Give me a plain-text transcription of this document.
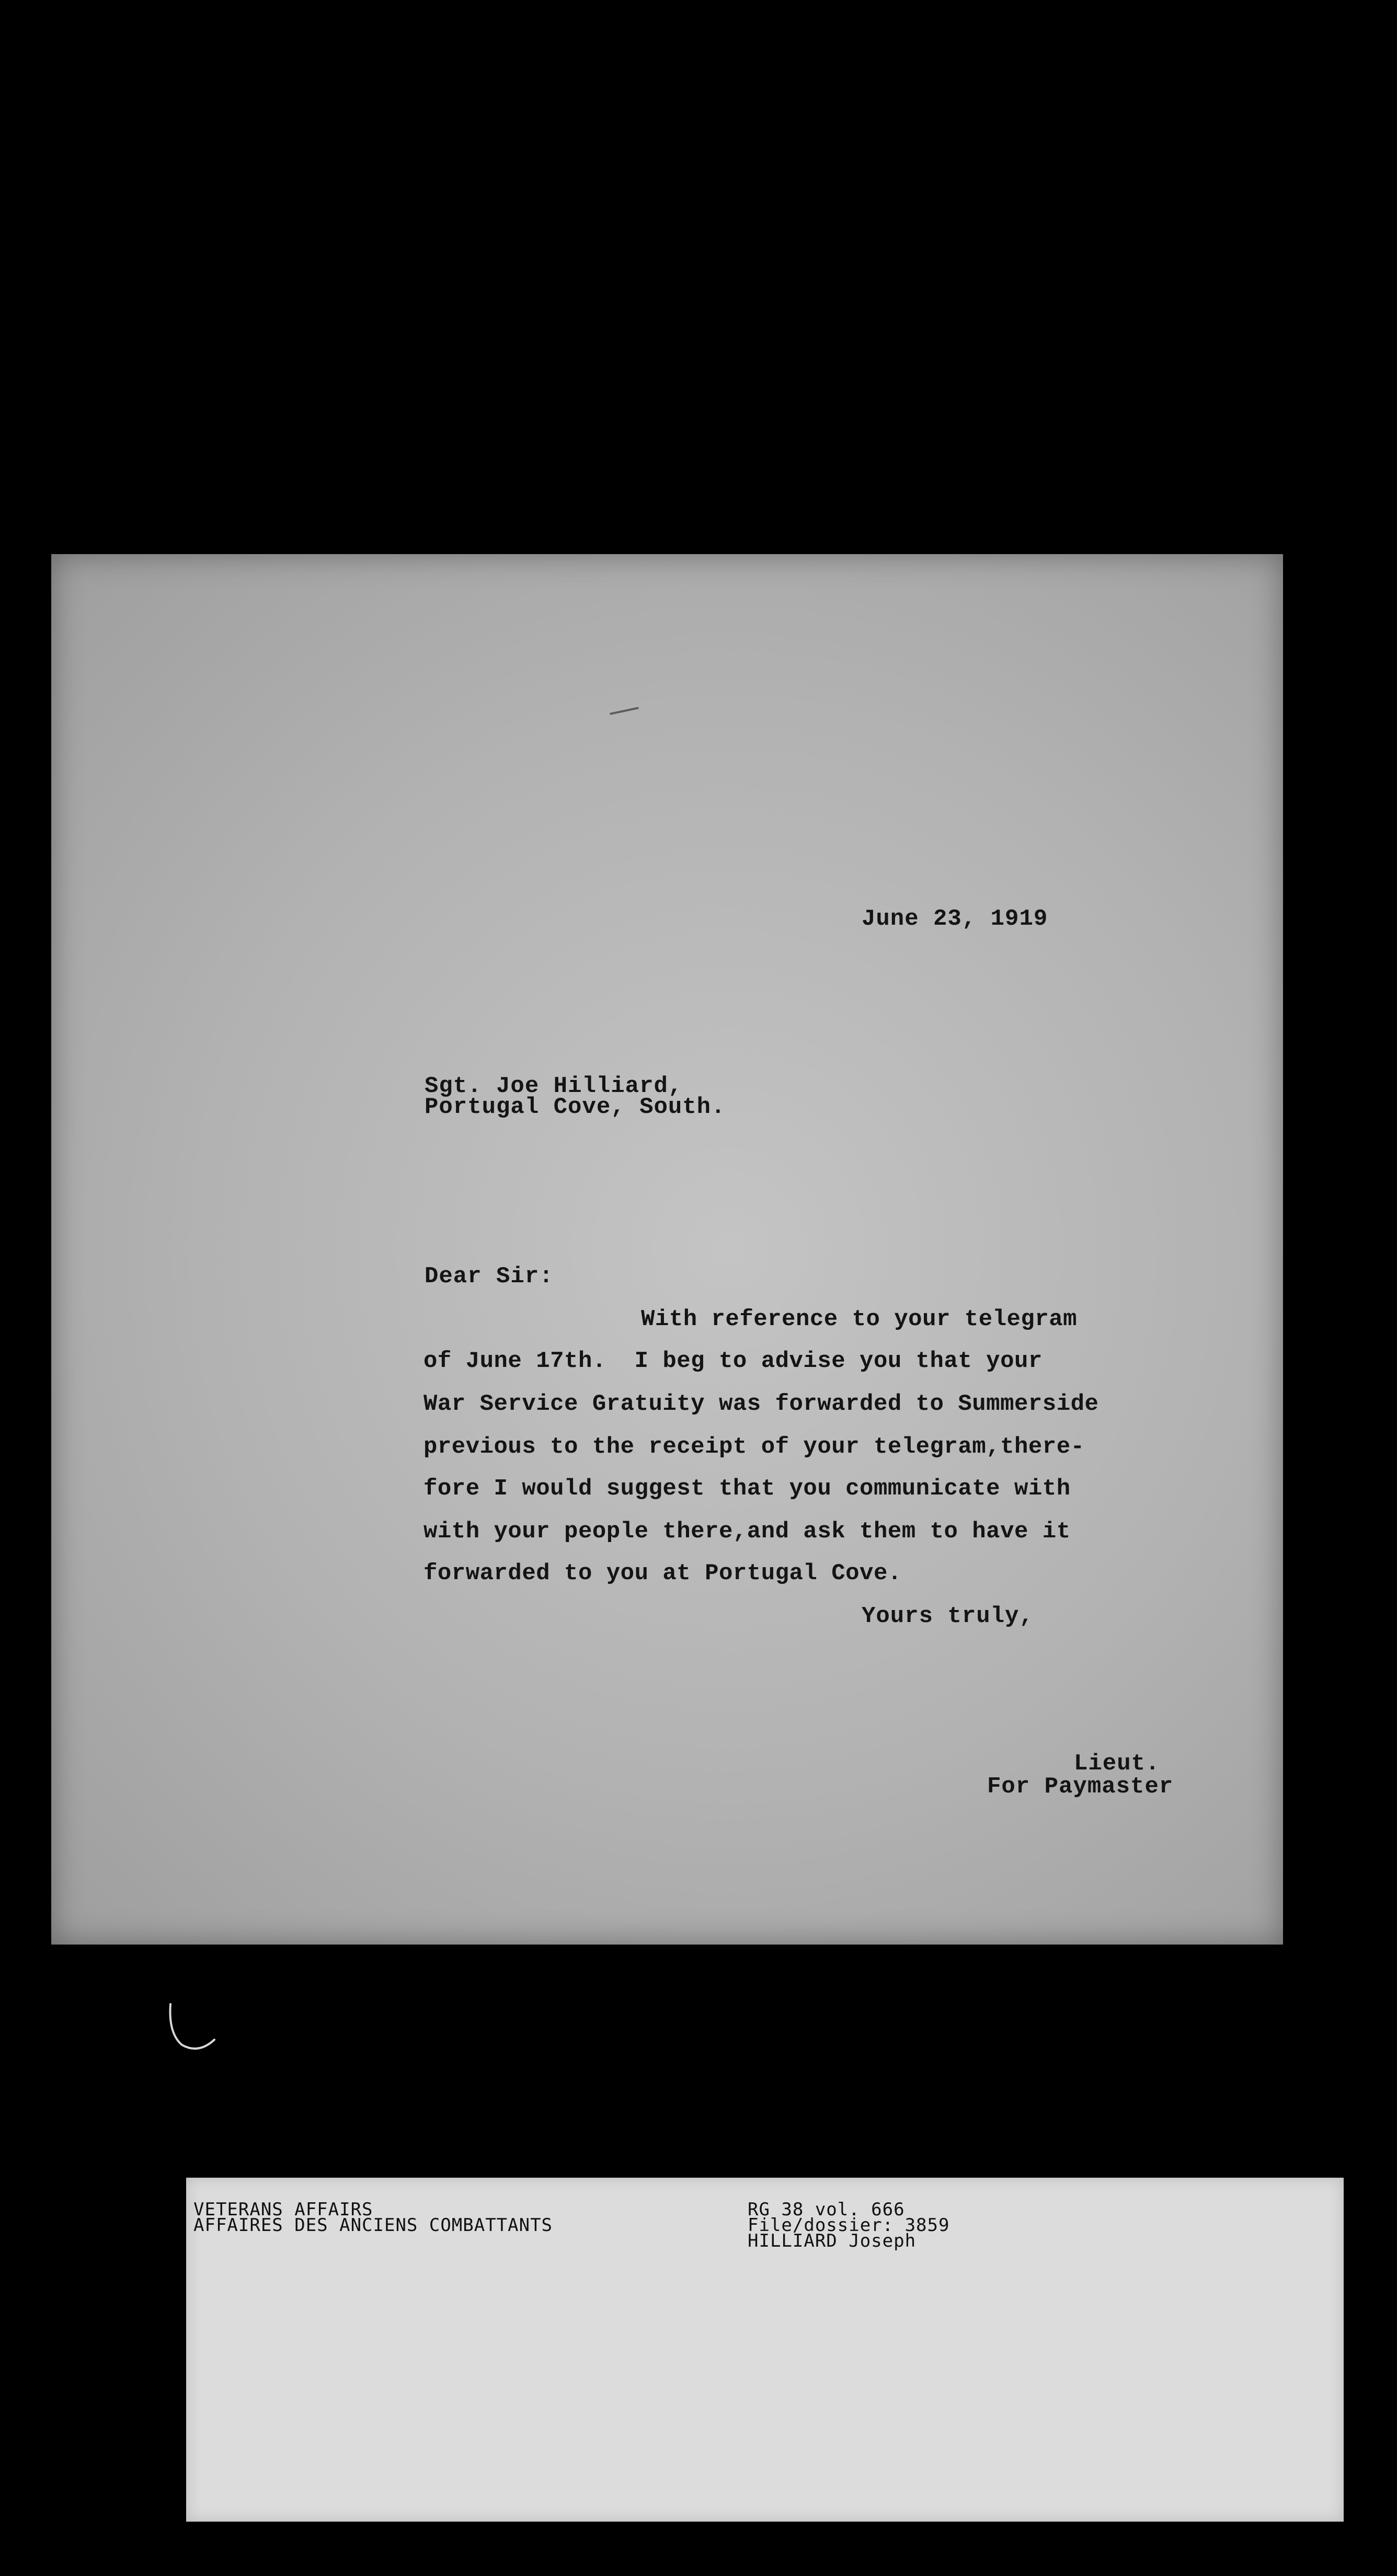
June 23, 1919
Sgt. Joe Hilliard,
Portugal Cove, South.
Dear Sir:
With reference to your telegram
of June 17th.  I beg to advise you that your
War Service Gratuity was forwarded to Summerside
previous to the receipt of your telegram,there-
fore I would suggest that you communicate with
with your people there,and ask them to have it
forwarded to you at Portugal Cove.
Yours truly,
Lieut.
For Paymaster
VETERANS AFFAIRS
AFFAIRES DES ANCIENS COMBATTANTS
RG 38 vol. 666
File/dossier: 3859
HILLIARD Joseph
